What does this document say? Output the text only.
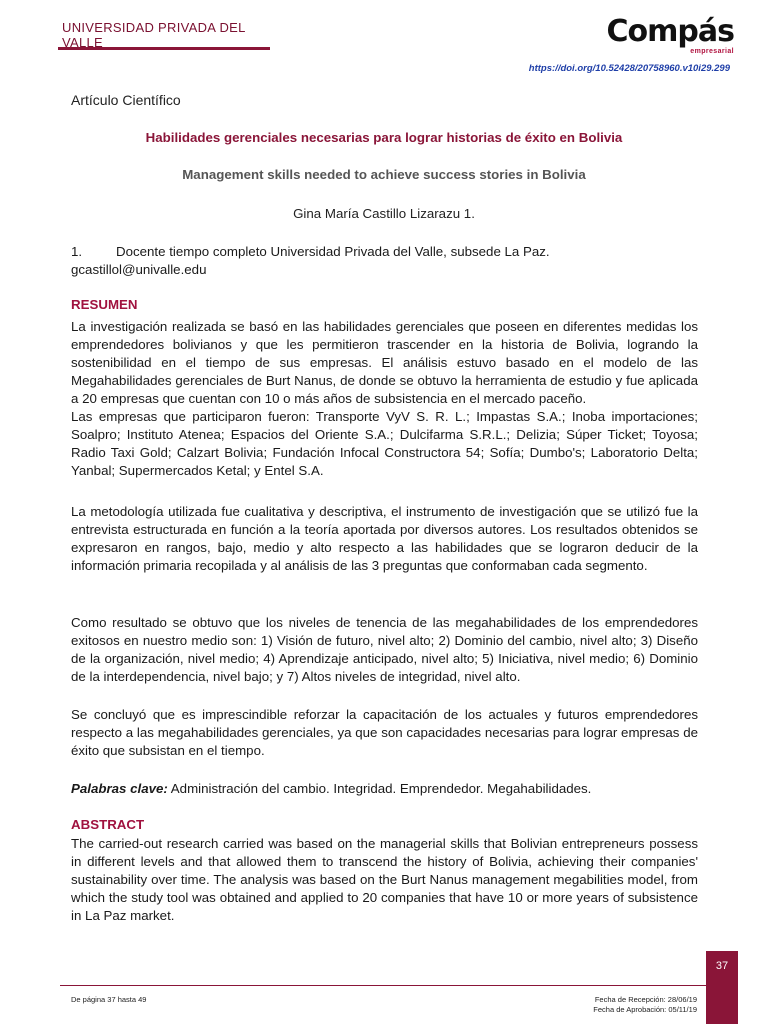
UNIVERSIDAD PRIVADA DEL VALLE	Compás
empresarial
https://doi.org/10.52428/20758960.v10i29.299
Artículo Científico
Habilidades gerenciales necesarias para lograr historias de éxito en Bolivia
Management skills needed to achieve success stories in Bolivia
Gina María Castillo Lizarazu 1.
1.	Docente tiempo completo Universidad Privada del Valle, subsede La Paz.
gcastillol@univalle.edu
RESUMEN
La investigación realizada se basó en las habilidades gerenciales que poseen en diferentes medidas los emprendedores bolivianos y que les permitieron trascender en la historia de Bolivia, logrando la sostenibilidad en el tiempo de sus empresas. El análisis estuvo basado en el modelo de las Megahabilidades gerenciales de Burt Nanus, de donde se obtuvo la herramienta de estudio y fue aplicada a 20 empresas que cuentan con 10 o más años de subsistencia en el mercado paceño.
Las empresas que participaron fueron: Transporte VyV S. R. L.; Impastas S.A.; Inoba importaciones; Soalpro; Instituto Atenea; Espacios del Oriente S.A.; Dulcifarma S.R.L.; Delizia; Súper Ticket; Toyosa; Radio Taxi Gold; Calzart Bolivia; Fundación Infocal Constructora 54; Sofía; Dumbo's; Laboratorio Delta; Yanbal; Supermercados Ketal; y Entel S.A.
La metodología utilizada fue cualitativa y descriptiva, el instrumento de investigación que se utilizó fue la entrevista estructurada en función a la teoría aportada por diversos autores. Los resultados obtenidos se expresaron en rangos, bajo, medio y alto respecto a las habilidades que se lograron deducir de la información primaria recopilada y al análisis de las 3 preguntas que conformaban cada segmento.
Como resultado se obtuvo que los niveles de tenencia de las megahabilidades de los emprendedores exitosos en nuestro medio son: 1) Visión de futuro, nivel alto; 2) Dominio del cambio, nivel alto; 3) Diseño de la organización, nivel medio; 4) Aprendizaje anticipado, nivel alto; 5) Iniciativa, nivel medio; 6) Dominio de la interdependencia, nivel bajo; y 7) Altos niveles de integridad, nivel alto.
Se concluyó que es imprescindible reforzar la capacitación de los actuales y futuros emprendedores respecto a las megahabilidades gerenciales, ya que son capacidades necesarias para lograr empresas de éxito que subsistan en el tiempo.
Palabras clave: Administración del cambio. Integridad. Emprendedor. Megahabilidades.
ABSTRACT
The carried-out research carried was based on the managerial skills that Bolivian entrepreneurs possess in different levels and that allowed them to transcend the history of Bolivia, achieving their companies' sustainability over time. The analysis was based on the Burt Nanus management megabilities model, from which the study tool was obtained and applied to 20 companies that have 10 or more years of subsistence in La Paz market.
37
De página 37 hasta 49	Fecha de Recepción: 28/06/19
Fecha de Aprobación: 05/11/19
